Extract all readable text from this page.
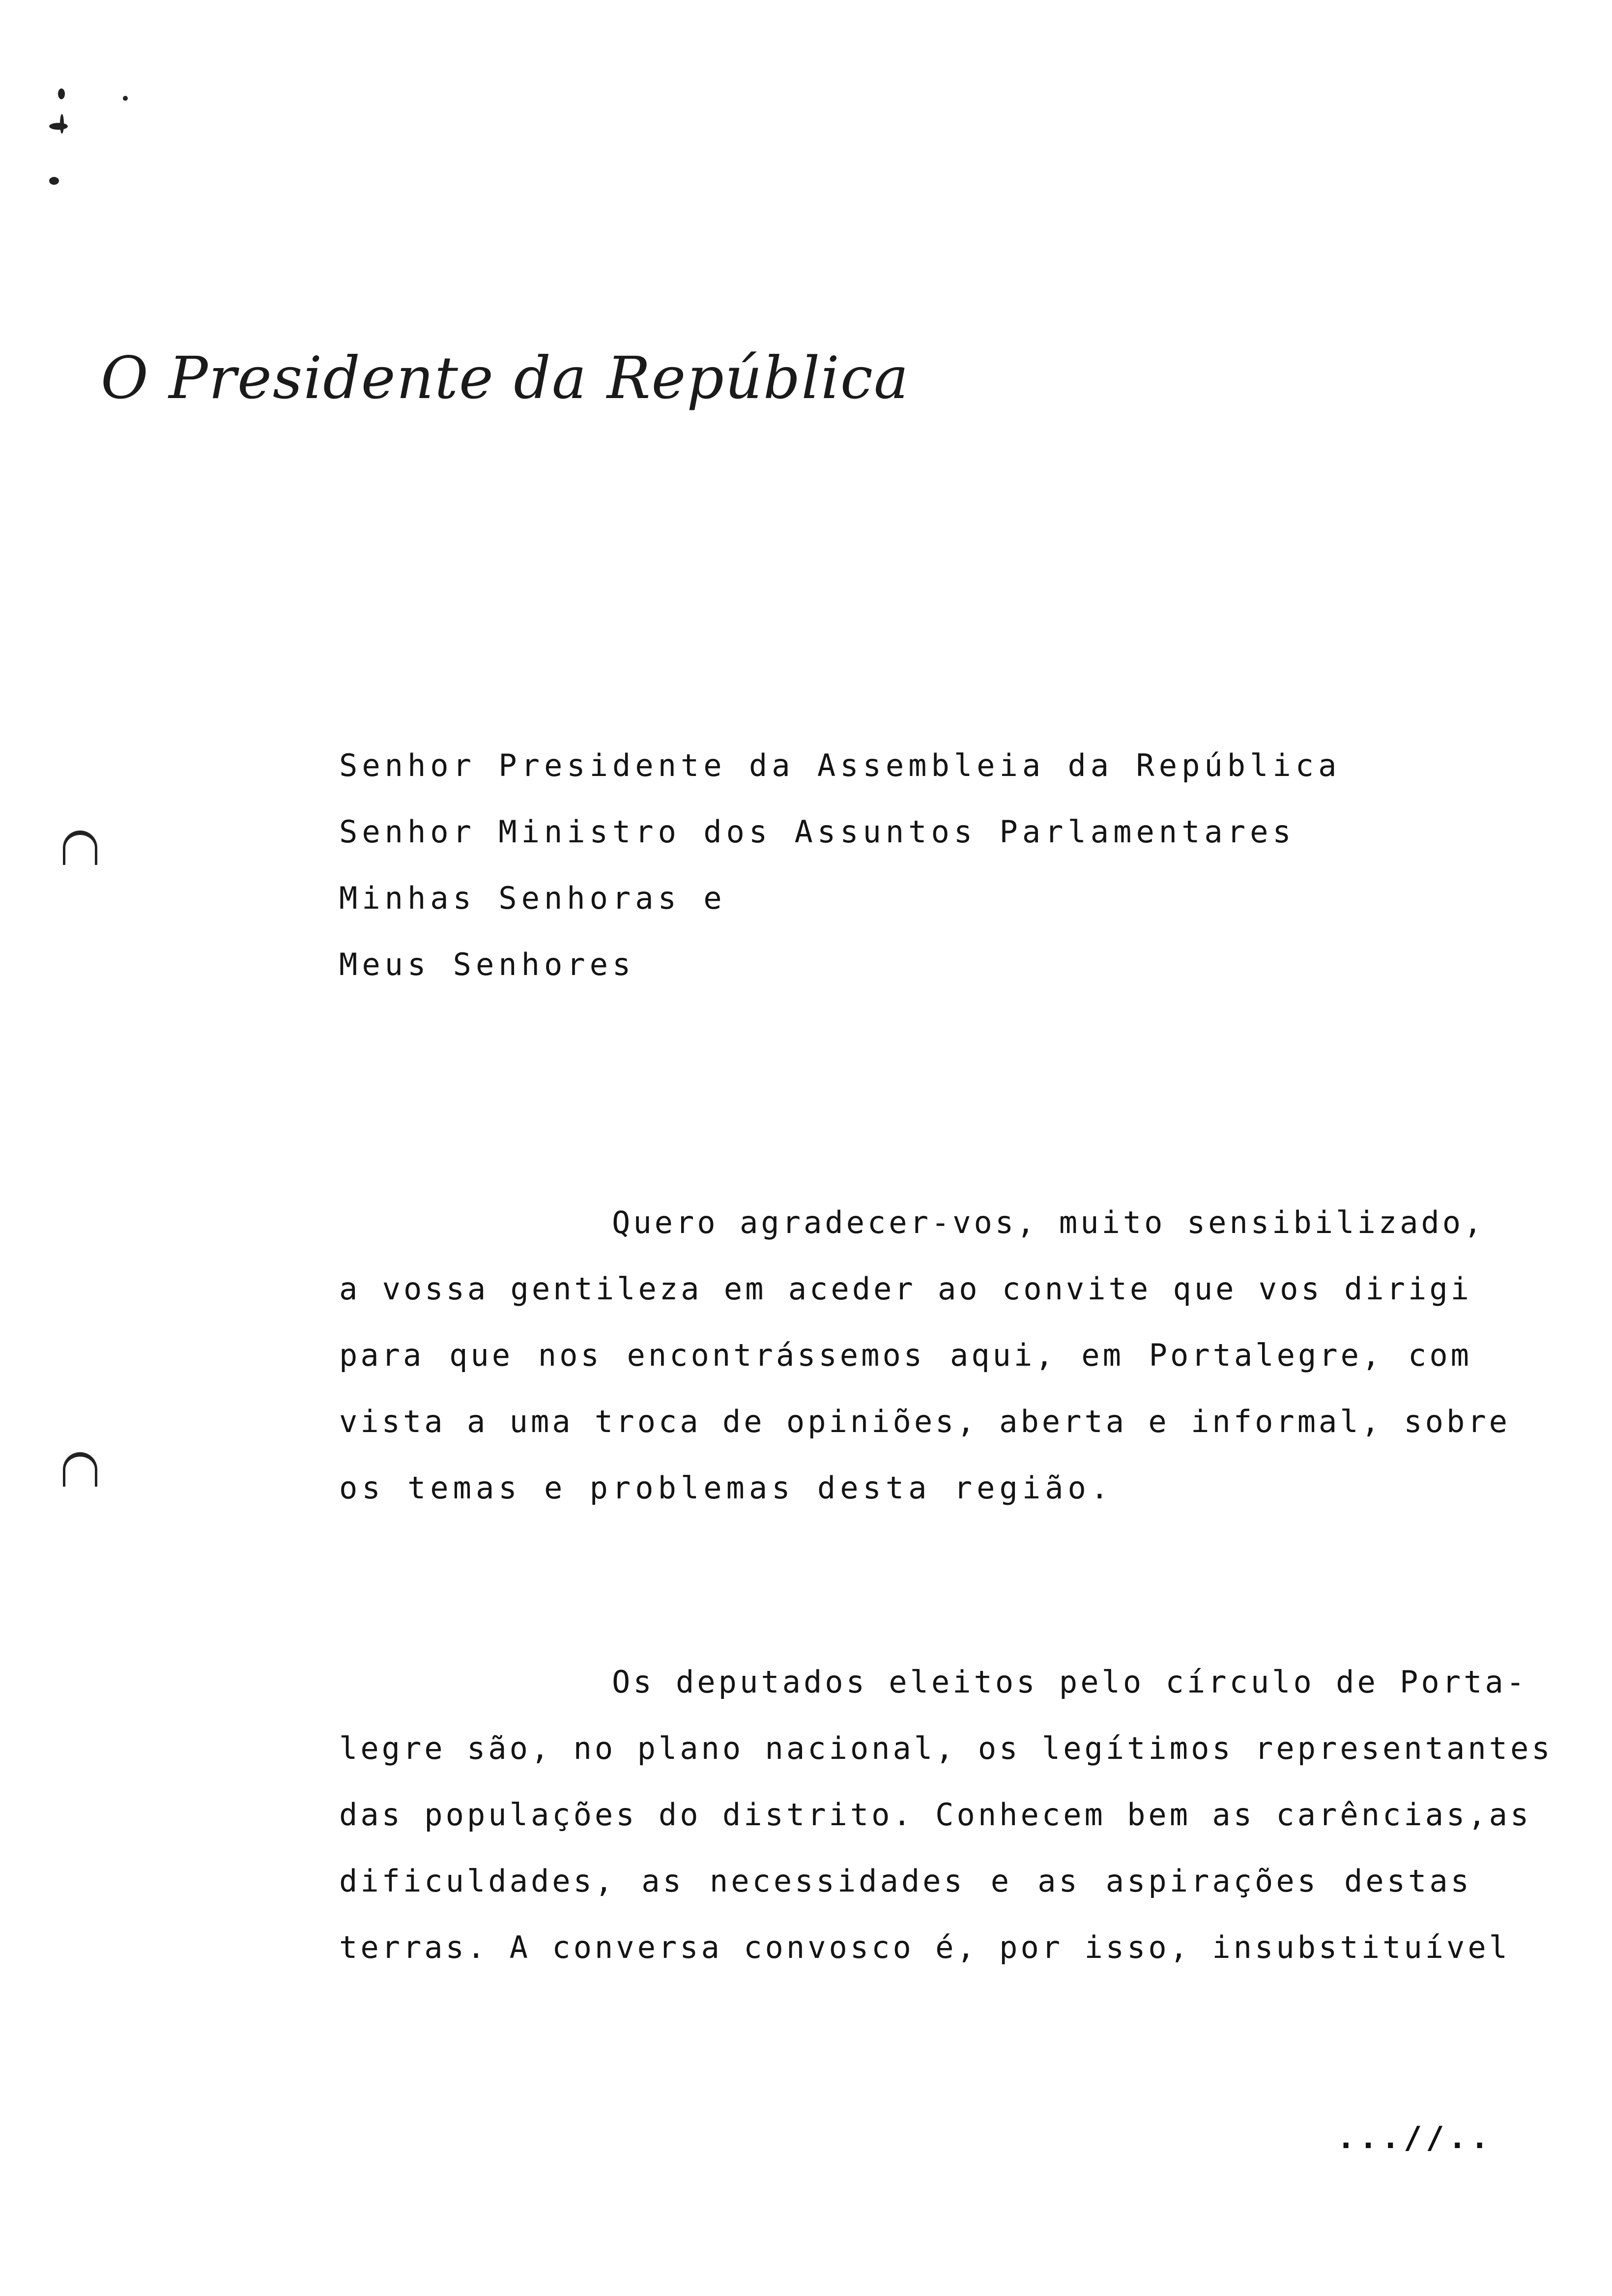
O Presidente da República
Senhor Presidente da Assembleia da República
Senhor Ministro dos Assuntos Parlamentares
Minhas Senhoras e
Meus Senhores
Quero agradecer-vos, muito sensibilizado,
a vossa gentileza em aceder ao convite que vos dirigi
para que nos encontrássemos aqui, em Portalegre, com
vista a uma troca de opiniões, aberta e informal, sobre
os temas e problemas desta região.
Os deputados eleitos pelo círculo de Porta-
legre são, no plano nacional, os legítimos representantes
das populações do distrito. Conhecem bem as carências,as
dificuldades, as necessidades e as aspirações destas
terras. A conversa convosco é, por isso, insubstituível
...//..
